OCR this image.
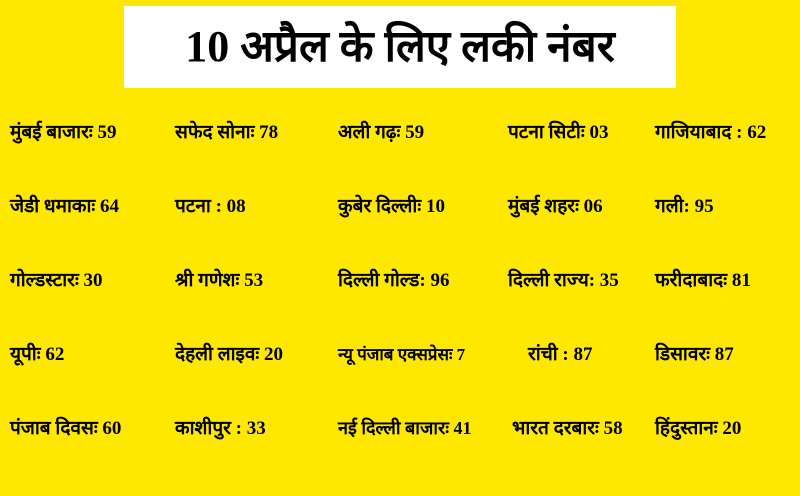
10 अप्रैल के लिए लकी नंबर
मुंबई बाजारः 59	सफेद सोनाः 78	अली गढ़ः 59	पटना सिटीः 03 गाजियाबाद : 62
जेडी धमाकाः 64	पटना : 08	कुबेर दिल्लीः 10	मुंबई शहरः 06	गली: 95
गोल्डस्टारः 30	श्री गणेशः 53	दिल्ली गोल्ड: 96	दिल्ली राज्य: 35 फरीदाबादः 81
यूपीः 62	देहली लाइवः 20	न्यू पंजाब एक्सप्रेसः 7	रांची : 87	डिसावरः 87
पंजाब दिवसः 60	काशीपुर : 33	नई दिल्ली बाजारः 41 भारत दरबारः 58 हिंदुस्तानः 20
